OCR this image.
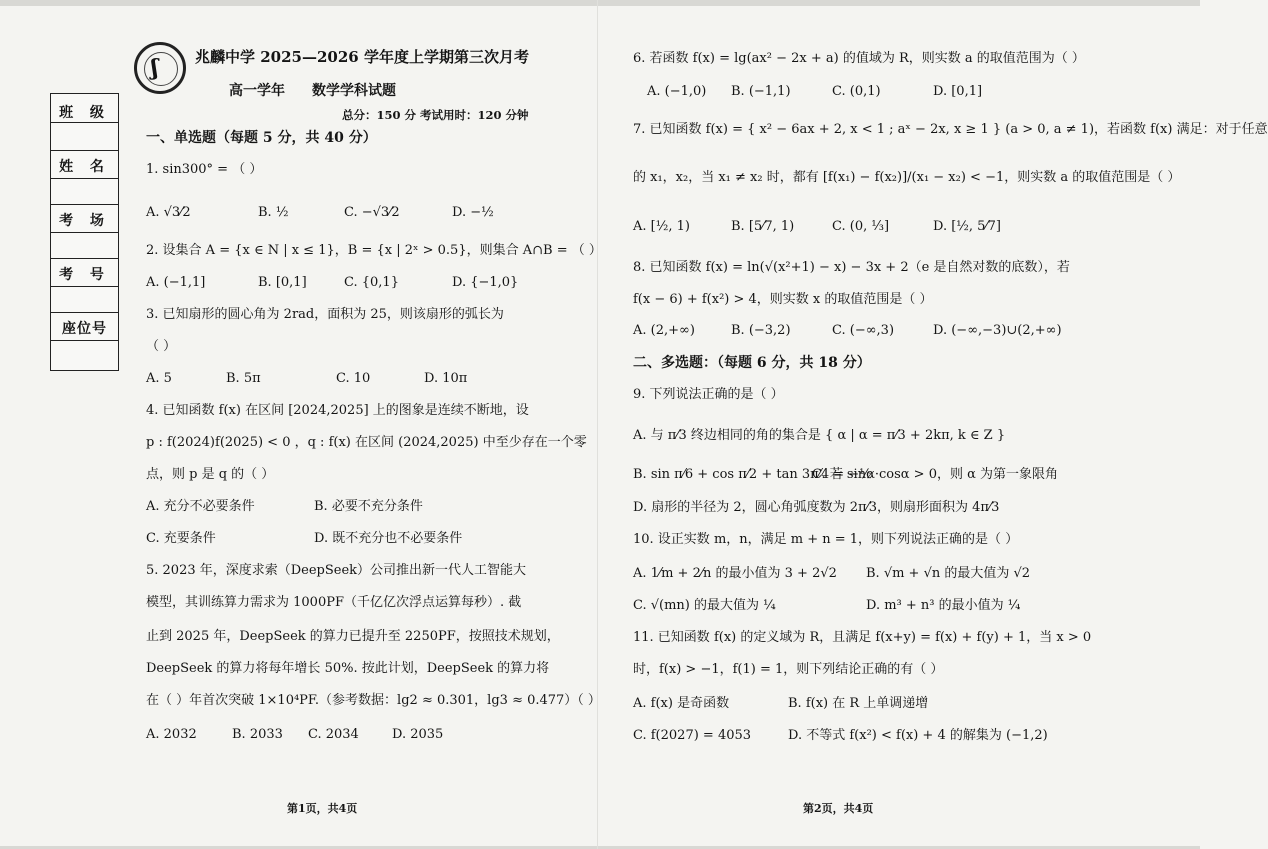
班 级
姓 名
考 场
考 号
座位号
ʃ 兆麟中学 2025—2026 学年度上学期第三次月考
高一学年 数学学科试题
总分：150 分 考试用时：120 分钟
一、单选题（每题 5 分，共 40 分）
1. sin300° = （ ）
A. √3⁄2	B. ½	C. −√3⁄2	D. −½
2. 设集合 A = {x ∈ N | x ≤ 1}，B = {x | 2ˣ > 0.5}，则集合 A∩B = （ ）
A. (−1,1]	B. [0,1]	C. {0,1}	D. {−1,0}
3. 已知扇形的圆心角为 2rad，面积为 25，则该扇形的弧长为
（ ）
A. 5	B. 5π	C. 10	D. 10π
4. 已知函数 f(x) 在区间 [2024,2025] 上的图象是连续不断地，设
p : f(2024)f(2025) < 0 ，q : f(x) 在区间 (2024,2025) 中至少存在一个零
点，则 p 是 q 的（ ）
A. 充分不必要条件	B. 必要不充分条件
C. 充要条件	D. 既不充分也不必要条件
5. 2023 年，深度求索（DeepSeek）公司推出新一代人工智能大
模型，其训练算力需求为 1000PF（千亿亿次浮点运算每秒）. 截
止到 2025 年，DeepSeek 的算力已提升至 2250PF，按照技术规划，
DeepSeek 的算力将每年增长 50%. 按此计划，DeepSeek 的算力将
在（ ）年首次突破 1×10⁴PF.（参考数据：lg2 ≈ 0.301，lg3 ≈ 0.477）（ ）
A. 2032	B. 2033 C. 2034	D. 2035
第1页，共4页
6. 若函数 f(x) = lg(ax² − 2x + a) 的值域为 R，则实数 a 的取值范围为（ ）
A. (−1,0) B. (−1,1)	C. (0,1)	D. [0,1]
7. 已知函数 f(x) = { x² − 6ax + 2, x < 1 ; aˣ − 2x, x ≥ 1 } (a > 0, a ≠ 1)，若函数 f(x) 满足：对于任意
的 x₁，x₂，当 x₁ ≠ x₂ 时，都有 [f(x₁) − f(x₂)]/(x₁ − x₂) < −1，则实数 a 的取值范围是（ ）
A. [½, 1)	B. [5⁄7, 1)	C. (0, ⅓]	D. [½, 5⁄7]
8. 已知函数 f(x) = ln(√(x²+1) − x) − 3x + 2（e 是自然对数的底数），若
f(x − 6) + f(x²) > 4，则实数 x 的取值范围是（ ）
A. (2,+∞)	B. (−3,2)	C. (−∞,3)	D. (−∞,−3)∪(2,+∞)
二、多选题：（每题 6 分，共 18 分）
9. 下列说法正确的是（ ）
A. 与 π⁄3 终边相同的角的集合是 { α | α = π⁄3 + 2kπ, k ∈ Z }
B. sin π⁄6 + cos π⁄2 + tan 3π⁄4 = −½
C. 若 sinα·cosα > 0，则 α 为第一象限角
D. 扇形的半径为 2，圆心角弧度数为 2π⁄3，则扇形面积为 4π⁄3
10. 设正实数 m，n，满足 m + n = 1，则下列说法正确的是（ ）
A. 1⁄m + 2⁄n 的最小值为 3 + 2√2 B. √m + √n 的最大值为 √2
C. √(mn) 的最大值为 ¼	D. m³ + n³ 的最小值为 ¼
11. 已知函数 f(x) 的定义域为 R，且满足 f(x+y) = f(x) + f(y) + 1，当 x > 0
时，f(x) > −1，f(1) = 1，则下列结论正确的有（ ）
A. f(x) 是奇函数	B. f(x) 在 R 上单调递增
C. f(2027) = 4053	D. 不等式 f(x²) < f(x) + 4 的解集为 (−1,2)
第2页，共4页
